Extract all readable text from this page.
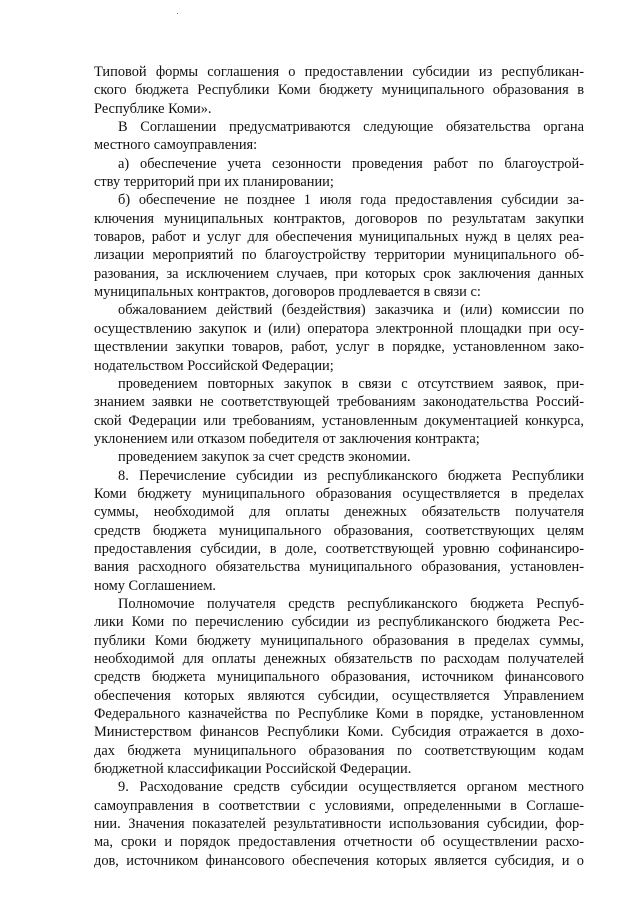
Типовой формы соглашения о предоставлении субсидии из республикан-
ского бюджета Республики Коми бюджету муниципального образования в
Республике Коми».
В Соглашении предусматриваются следующие обязательства органа
местного самоуправления:
а) обеспечение учета сезонности проведения работ по благоустрой-
ству территорий при их планировании;
б) обеспечение не позднее 1 июля года предоставления субсидии за-
ключения муниципальных контрактов, договоров по результатам закупки
товаров, работ и услуг для обеспечения муниципальных нужд в целях реа-
лизации мероприятий по благоустройству территории муниципального об-
разования, за исключением случаев, при которых срок заключения данных
муниципальных контрактов, договоров продлевается в связи с:
обжалованием действий (бездействия) заказчика и (или) комиссии по
осуществлению закупок и (или) оператора электронной площадки при осу-
ществлении закупки товаров, работ, услуг в порядке, установленном зако-
нодательством Российской Федерации;
проведением повторных закупок в связи с отсутствием заявок, при-
знанием заявки не соответствующей требованиям законодательства Россий-
ской Федерации или требованиям, установленным документацией конкурса,
уклонением или отказом победителя от заключения контракта;
проведением закупок за счет средств экономии.
8. Перечисление субсидии из республиканского бюджета Республики
Коми бюджету муниципального образования осуществляется в пределах
суммы, необходимой для оплаты денежных обязательств получателя
средств бюджета муниципального образования, соответствующих целям
предоставления субсидии, в доле, соответствующей уровню софинансиро-
вания расходного обязательства муниципального образования, установлен-
ному Соглашением.
Полномочие получателя средств республиканского бюджета Респуб-
лики Коми по перечислению субсидии из республиканского бюджета Рес-
публики Коми бюджету муниципального образования в пределах суммы,
необходимой для оплаты денежных обязательств по расходам получателей
средств бюджета муниципального образования, источником финансового
обеспечения которых являются субсидии, осуществляется Управлением
Федерального казначейства по Республике Коми в порядке, установленном
Министерством финансов Республики Коми. Субсидия отражается в дохо-
дах бюджета муниципального образования по соответствующим кодам
бюджетной классификации Российской Федерации.
9. Расходование средств субсидии осуществляется органом местного
самоуправления в соответствии с условиями, определенными в Соглаше-
нии. Значения показателей результативности использования субсидии, фор-
ма, сроки и порядок предоставления отчетности об осуществлении расхо-
дов, источником финансового обеспечения которых является субсидия, и о
